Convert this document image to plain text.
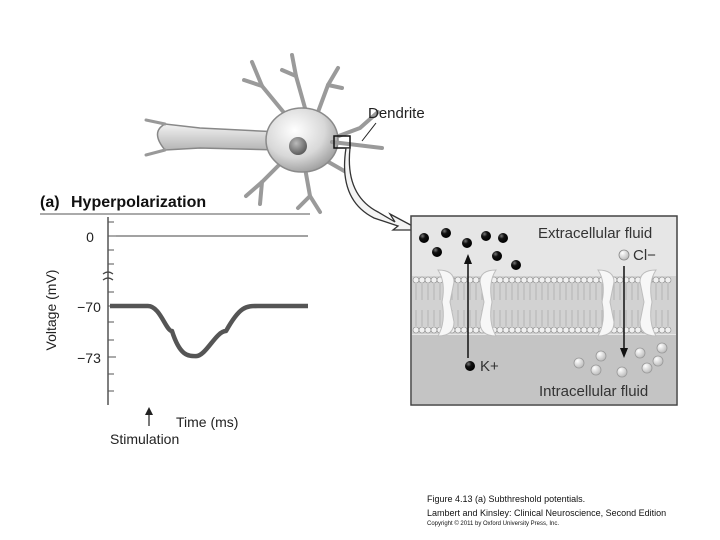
Dendrite
(a) Hyperpolarization
0
−70
−73
Voltage (mV)
Time (ms)
Stimulation
Extracellular fluid
Cl−
K+
Intracellular fluid
Figure 4.13 (a) Subthreshold potentials.
Lambert and Kinsley: Clinical Neuroscience, Second Edition
Copyright © 2011 by Oxford University Press, Inc.
